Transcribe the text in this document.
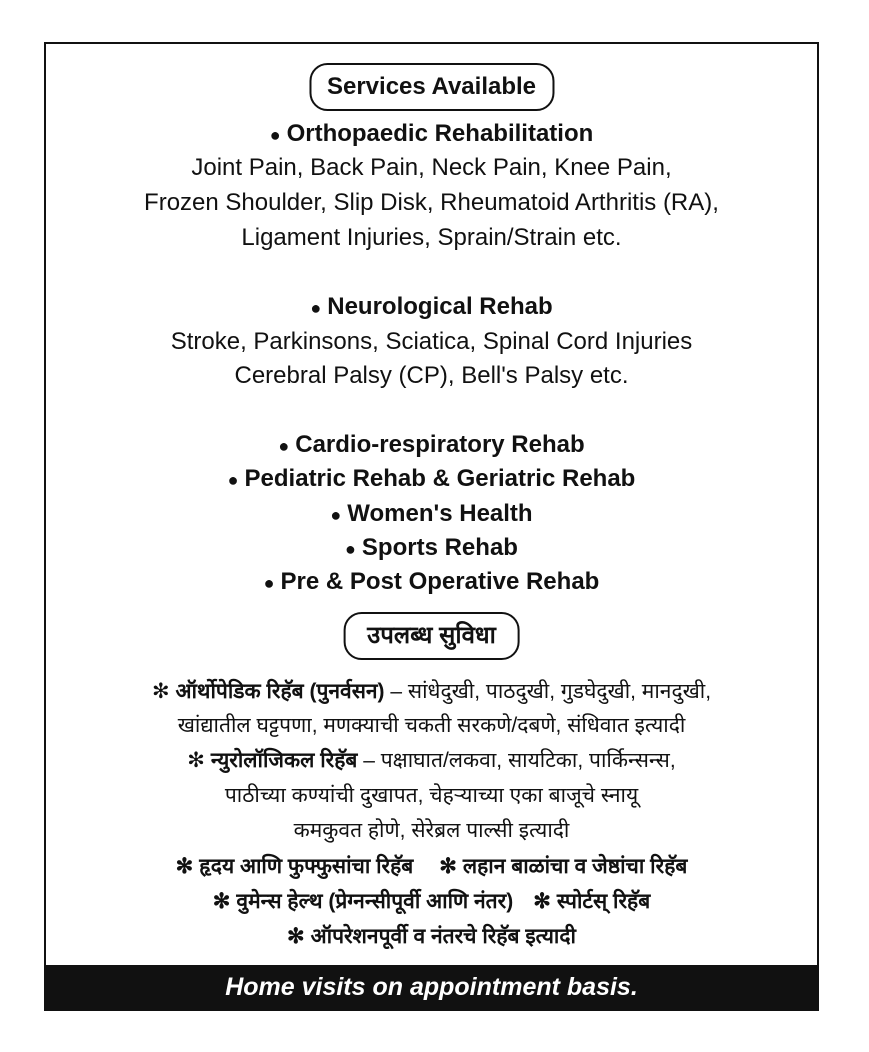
Services Available
● Orthopaedic Rehabilitation
Joint Pain, Back Pain, Neck Pain, Knee Pain,
Frozen Shoulder, Slip Disk, Rheumatoid Arthritis (RA),
Ligament Injuries, Sprain/Strain etc.
● Neurological Rehab
Stroke, Parkinsons, Sciatica, Spinal Cord Injuries
Cerebral Palsy (CP), Bell's Palsy etc.
● Cardio-respiratory Rehab
● Pediatric Rehab & Geriatric Rehab
● Women's Health
● Sports Rehab
● Pre & Post Operative Rehab
उपलब्ध सुविधा
✻ ऑर्थोपेडिक रिहॅब (पुनर्वसन) – सांधेदुखी, पाठदुखी, गुडघेदुखी, मानदुखी,
खांद्यातील घट्टपणा, मणक्याची चकती सरकणे/दबणे, संधिवात इत्यादी
✻ न्युरोलॉजिकल रिहॅब – पक्षाघात/लकवा, सायटिका, पार्किन्सन्स,
पाठीच्या कण्यांची दुखापत, चेहऱ्याच्या एका बाजूचे स्नायू
कमकुवत होणे, सेरेब्रल पाल्सी इत्यादी
✻ हृदय आणि फुफ्फुसांचा रिहॅब ✻ लहान बाळांचा व जेष्ठांचा रिहॅब
✻ वुमेन्स हेल्थ (प्रेग्नन्सीपूर्वी आणि नंतर) ✻ स्पोर्टस् रिहॅब
✻ ऑपरेशनपूर्वी व नंतरचे रिहॅब इत्यादी
Home visits on appointment basis.
